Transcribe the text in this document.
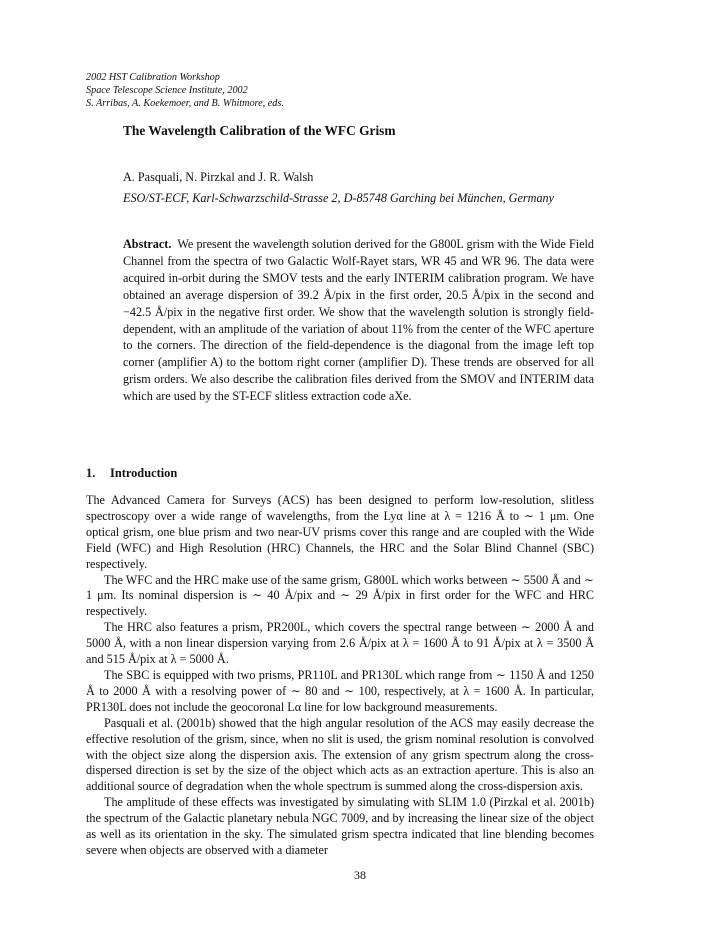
2002 HST Calibration Workshop
Space Telescope Science Institute, 2002
S. Arribas, A. Koekemoer, and B. Whitmore, eds.
The Wavelength Calibration of the WFC Grism
A. Pasquali, N. Pirzkal and J. R. Walsh
ESO/ST-ECF, Karl-Schwarzschild-Strasse 2, D-85748 Garching bei München, Germany
Abstract. We present the wavelength solution derived for the G800L grism with the Wide Field Channel from the spectra of two Galactic Wolf-Rayet stars, WR 45 and WR 96. The data were acquired in-orbit during the SMOV tests and the early INTERIM calibration program. We have obtained an average dispersion of 39.2 Å/pix in the first order, 20.5 Å/pix in the second and −42.5 Å/pix in the negative first order. We show that the wavelength solution is strongly field-dependent, with an amplitude of the variation of about 11% from the center of the WFC aperture to the corners. The direction of the field-dependence is the diagonal from the image left top corner (amplifier A) to the bottom right corner (amplifier D). These trends are observed for all grism orders. We also describe the calibration files derived from the SMOV and INTERIM data which are used by the ST-ECF slitless extraction code aXe.
1. Introduction

The Advanced Camera for Surveys (ACS) has been designed to perform low-resolution, slitless spectroscopy over a wide range of wavelengths, from the Lyα line at λ = 1216 Å to ∼ 1 μm. One optical grism, one blue prism and two near-UV prisms cover this range and are coupled with the Wide Field (WFC) and High Resolution (HRC) Channels, the HRC and the Solar Blind Channel (SBC) respectively.

The WFC and the HRC make use of the same grism, G800L which works between ∼ 5500 Å and ∼ 1 μm. Its nominal dispersion is ∼ 40 Å/pix and ∼ 29 Å/pix in first order for the WFC and HRC respectively.

The HRC also features a prism, PR200L, which covers the spectral range between ∼ 2000 Å and 5000 Å, with a non linear dispersion varying from 2.6 Å/pix at λ = 1600 Å to 91 Å/pix at λ = 3500 Å and 515 Å/pix at λ = 5000 Å.

The SBC is equipped with two prisms, PR110L and PR130L which range from ∼ 1150 Å and 1250 Å to 2000 Å with a resolving power of ∼ 80 and ∼ 100, respectively, at λ = 1600 Å. In particular, PR130L does not include the geocoronal Lα line for low background measurements.

Pasquali et al. (2001b) showed that the high angular resolution of the ACS may easily decrease the effective resolution of the grism, since, when no slit is used, the grism nominal resolution is convolved with the object size along the dispersion axis. The extension of any grism spectrum along the cross-dispersed direction is set by the size of the object which acts as an extraction aperture. This is also an additional source of degradation when the whole spectrum is summed along the cross-dispersion axis.

The amplitude of these effects was investigated by simulating with SLIM 1.0 (Pirzkal et al. 2001b) the spectrum of the Galactic planetary nebula NGC 7009, and by increasing the linear size of the object as well as its orientation in the sky. The simulated grism spectra indicated that line blending becomes severe when objects are observed with a diameter

38
